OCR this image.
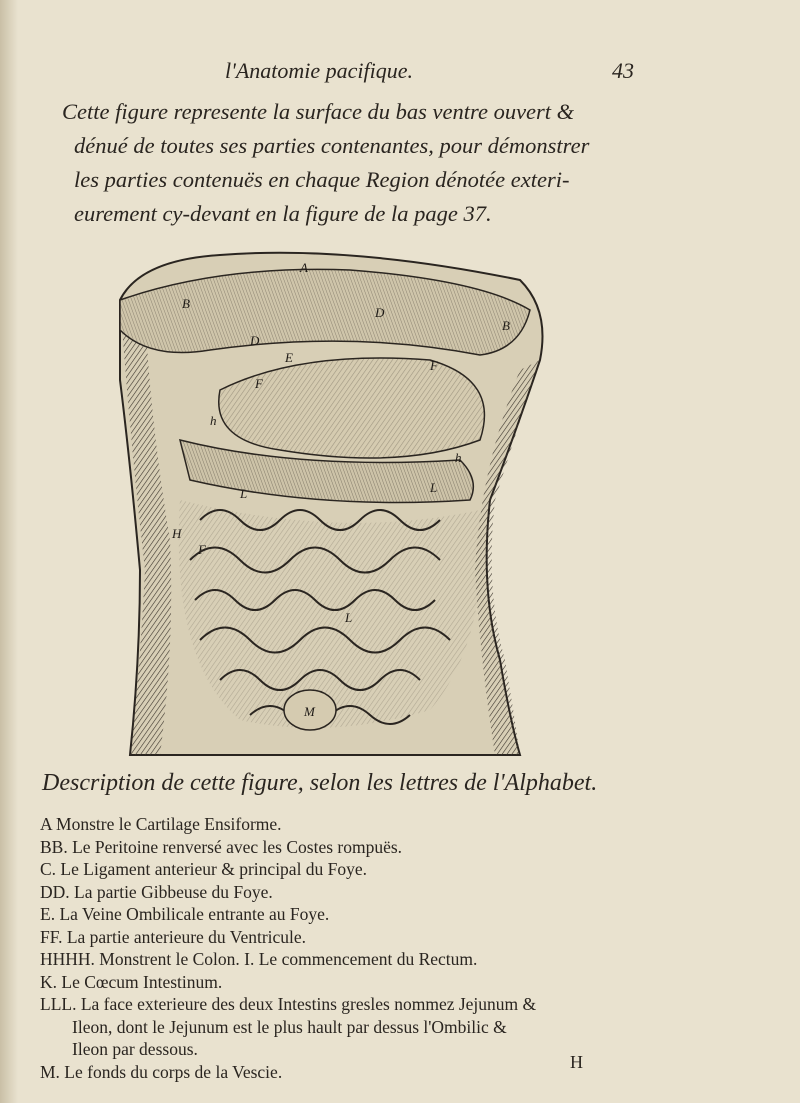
l'Anatomie pacifique.	43
Cette figure represente la surface du bas ventre ouvert &
dénué de toutes ses parties contenantes, pour démonstrer
les parties contenuës en chaque Region dénotée exteri-
eurement cy-devant en la figure de la page 37.
A
B
B
D
D
E
F
F
h
h
L	L
L
H
F
M
Description de cette figure, selon les lettres de l'Alphabet.
A Monstre le Cartilage Ensiforme.
BB. Le Peritoine renversé avec les Costes rompuës.
C. Le Ligament anterieur & principal du Foye.
DD. La partie Gibbeuse du Foye.
E. La Veine Ombilicale entrante au Foye.
FF. La partie anterieure du Ventricule.
HHHH. Monstrent le Colon. I. Le commencement du Rectum.
K. Le Cœcum Intestinum.
LLL. La face exterieure des deux Intestins gresles nommez Jejunum &
Ileon, dont le Jejunum est le plus hault par dessus l'Ombilic &
Ileon par dessous.
M. Le fonds du corps de la Vescie.	H
